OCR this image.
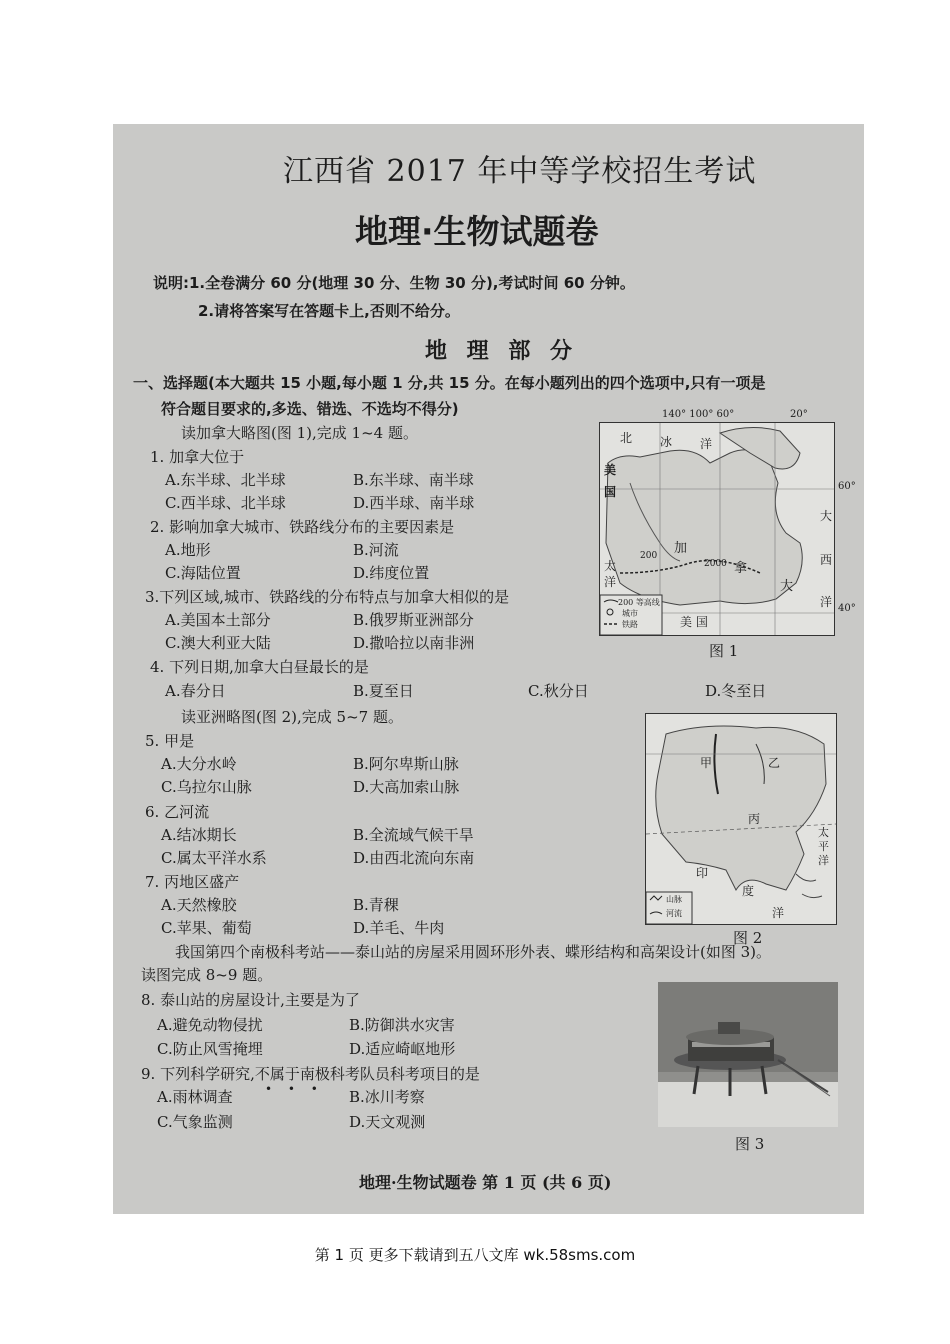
江西省 2017 年中等学校招生考试
地理·生物试题卷
说明:1.全卷满分 60 分(地理 30 分、生物 30 分),考试时间 60 分钟。
2.请将答案写在答题卡上,否则不给分。
地 理 部 分
一、选择题(本大题共 15 小题,每小题 1 分,共 15 分。在每小题列出的四个选项中,只有一项是
符合题目要求的,多选、错选、不选均不得分)
读加拿大略图(图 1),完成 1~4 题。
1. 加拿大位于
A.东半球、北半球	B.东半球、南半球
C.西半球、北半球	D.西半球、南半球
2. 影响加拿大城市、铁路线分布的主要因素是
A.地形	B.河流
C.海陆位置	D.纬度位置
3.下列区域,城市、铁路线的分布特点与加拿大相似的是
A.美国本土部分	B.俄罗斯亚洲部分
C.澳大利亚大陆	D.撒哈拉以南非洲
4. 下列日期,加拿大白昼最长的是
A.春分日	B.夏至日	C.秋分日	D.冬至日
读亚洲略图(图 2),完成 5~7 题。
5. 甲是
A.大分水岭	B.阿尔卑斯山脉
C.乌拉尔山脉	D.大高加索山脉
6. 乙河流
A.结冰期长	B.全流域气候干旱
C.属太平洋水系	D.由西北流向东南
7. 丙地区盛产
A.天然橡胶	B.青稞
C.苹果、葡萄	D.羊毛、牛肉
我国第四个南极科考站——泰山站的房屋采用圆环形外表、蝶形结构和高架设计(如图 3)。
读图完成 8~9 题。
8. 泰山站的房屋设计,主要是为了
A.避免动物侵扰	B.防御洪水灾害
C.防止风雪掩埋	D.适应崎岖地形
9. 下列科学研究,不属于南极科考队员科考项目的是
• • •
A.雨林调查	B.冰川考察
C.气象监测	D.天文观测
200 等高线
城市
铁路
140° 100° 60°	20°
60°
40°
北 冰 洋
美
国
太
洋
加
拿
大
大
西
洋
美 国
200
2000
图 1
山脉
河流
甲	乙
丙
印
度
洋
太
平
洋
图 2
图 3
地理·生物试题卷 第 1 页 (共 6 页)
第 1 页 更多下载请到五八文库 wk.58sms.com
